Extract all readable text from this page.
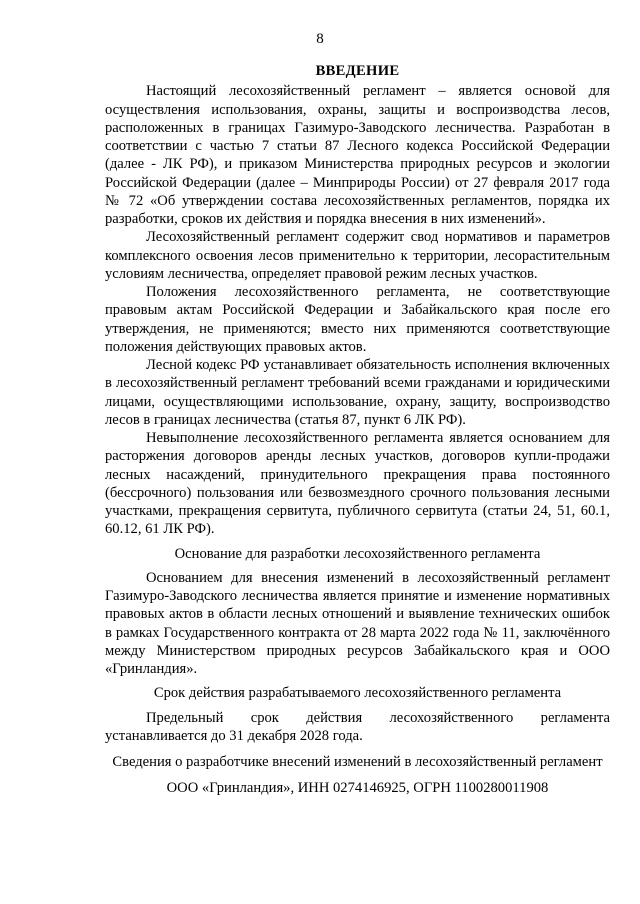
8
ВВЕДЕНИЕ

Настоящий лесохозяйственный регламент – является основой для осуществления использования, охраны, защиты и воспроизводства лесов, расположенных в границах Газимуро-Заводского лесничества. Разработан в соответствии с частью 7 статьи 87 Лесного кодекса Российской Федерации (далее - ЛК РФ), и приказом Министерства природных ресурсов и экологии Российской Федерации (далее – Минприроды России) от 27 февраля 2017 года № 72 «Об утверждении состава лесохозяйственных регламентов, порядка их разработки, сроков их действия и порядка внесения в них изменений».

Лесохозяйственный регламент содержит свод нормативов и параметров комплексного освоения лесов применительно к территории, лесорастительным условиям лесничества, определяет правовой режим лесных участков.

Положения лесохозяйственного регламента, не соответствующие правовым актам Российской Федерации и Забайкальского края после его утверждения, не применяются; вместо них применяются соответствующие положения действующих правовых актов.

Лесной кодекс РФ устанавливает обязательность исполнения включенных в лесохозяйственный регламент требований всеми гражданами и юридическими лицами, осуществляющими использование, охрану, защиту, воспроизводство лесов в границах лесничества (статья 87, пункт 6 ЛК РФ).

Невыполнение лесохозяйственного регламента является основанием для расторжения договоров аренды лесных участков, договоров купли-продажи лесных насаждений, принудительного прекращения права постоянного (бессрочного) пользования или безвозмездного срочного пользования лесными участками, прекращения сервитута, публичного сервитута (статьи 24, 51, 60.1, 60.12, 61 ЛК РФ).

Основание для разработки лесохозяйственного регламента

Основанием для внесения изменений в лесохозяйственный регламент Газимуро-Заводского лесничества является принятие и изменение нормативных правовых актов в области лесных отношений и выявление технических ошибок в рамках Государственного контракта от 28 марта 2022 года № 11, заключённого между Министерством природных ресурсов Забайкальского края и ООО «Гринландия».

Срок действия разрабатываемого лесохозяйственного регламента

Предельный срок действия лесохозяйственного регламента устанавливается до 31 декабря 2028 года.

Сведения о разработчике внесений изменений в лесохозяйственный регламент
ООО «Гринландия», ИНН 0274146925, ОГРН 1100280011908
